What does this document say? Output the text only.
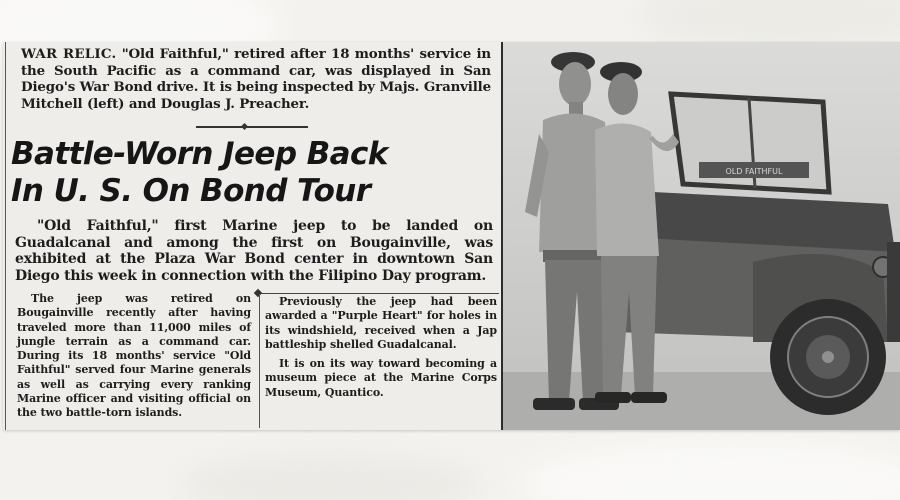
WAR RELIC. "Old Faithful," retired after 18 months' service in the South Pacific as a command car, was displayed in San Diego's War Bond drive. It is being inspected by Majs. Granville Mitchell (left) and Douglas J. Preacher.
Battle-Worn Jeep Back
In U. S. On Bond Tour
"Old Faithful," first Marine jeep to be landed on Guadalcanal and among the first on Bougainville, was exhibited at the Plaza War Bond center in downtown San Diego this week in connection with the Filipino Day program.
The jeep was retired on Bougainville recently after having traveled more than 11,000 miles of jungle terrain as a command car. During its 18 months' service "Old Faithful" served four Marine generals as well as carrying every ranking Marine officer and visiting official on the two battle-torn islands.
Previously the jeep had been awarded a "Purple Heart" for holes in its windshield, received when a Jap battleship shelled Guadalcanal.
It is on its way toward becoming a museum piece at the Marine Corps Museum, Quantico.
OLD FAITHFUL
